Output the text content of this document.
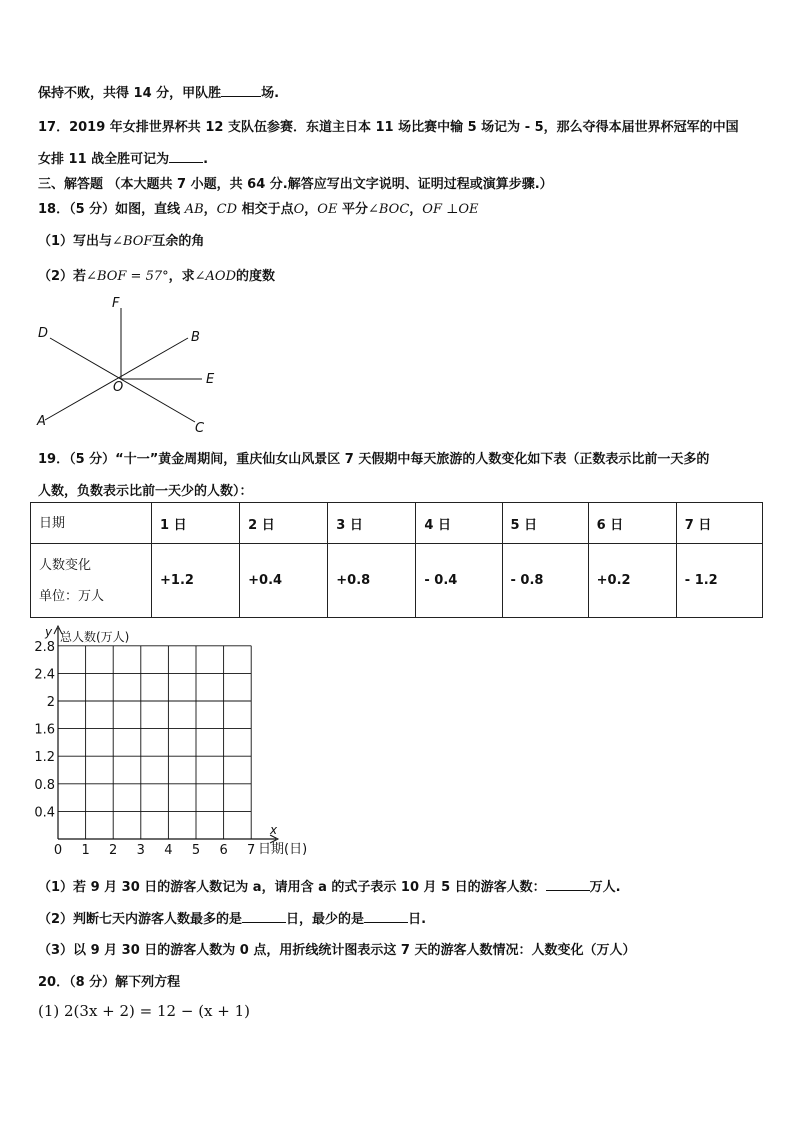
保持不败，共得 14 分，甲队胜	场.
17．2019 年女排世界杯共 12 支队伍参赛．东道主日本 11 场比赛中输 5 场记为 - 5，那么夺得本届世界杯冠军的中国
女排 11 战全胜可记为	.
三、解答题 （本大题共 7 小题，共 64 分.解答应写出文字说明、证明过程或演算步骤.）
18．（5 分）如图，直线 AB，CD 相交于点O，OE 平分∠BOC，OF ⊥OE
（1）写出与∠BOF互余的角
（2）若∠BOF = 57°，求∠AOD的度数
F
D	B
O
E
A	C
19．（5 分）“十一”黄金周期间，重庆仙女山风景区 7 天假期中每天旅游的人数变化如下表（正数表示比前一天多的
人数，负数表示比前一天少的人数）：
日期	1 日	2 日	3 日	4 日	5 日	6 日	7 日

人数变化
单位：万人	+1.2	+0.4	+0.8	- 0.4	- 0.8	+0.2	- 1.2
y 总人数(万人)
x
日期(日)
2.8
2.4
2
1.6
1.2
0.8
0.4
0 1 2 3 4 5 6 7
（1）若 9 月 30 日的游客人数记为 a，请用含 a 的式子表示 10 月 5 日的游客人数：	万人.
（2）判断七天内游客人数最多的是	日，最少的是	日.
（3）以 9 月 30 日的游客人数为 0 点，用折线统计图表示这 7 天的游客人数情况：人数变化（万人）
20．（8 分）解下列方程
(1) 2(3x + 2) = 12 − (x + 1)
